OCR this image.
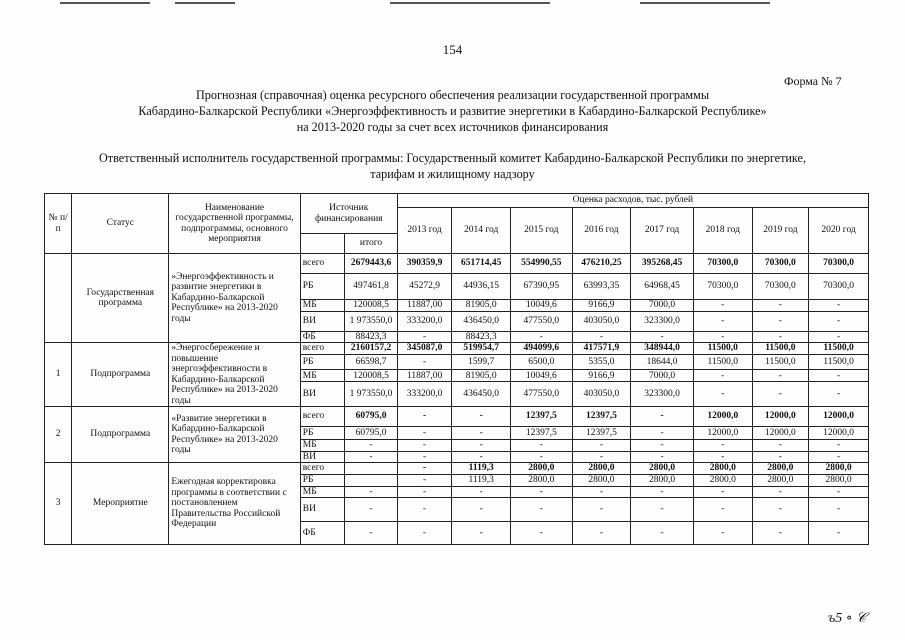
154
Форма № 7
Прогнозная (справочная) оценка ресурсного обеспечения реализации государственной программы
Кабардино-Балкарской Республики «Энергоэффективность и развитие энергетики в Кабардино-Балкарской Республике»
на 2013-2020 годы за счет всех источников финансирования
Ответственный исполнитель государственной программы: Государственный комитет Кабардино-Балкарской Республики по энергетике,
тарифам и жилищному надзору
№ п/п	Статус	Наименование государственной программы, подпрограммы, основного мероприятия	Источник финансирования		Оценка расходов, тыс. рублей							
					2013 год	2014 год	2015 год	2016 год	2017 год	2018 год	2019 год	2020 год
				итого								
	Государственная программа	»Энергоэффективность и развитие энергетики в Кабардино-Балкарской Республике» на 2013-2020 годы	всего	2679443,6	390359,9	651714,45	554990,55	476210,25	395268,45	70300,0	70300,0	70300,0
			РБ	497461,8	45272,9	44936,15	67390,95	63993,35	64968,45	70300,0	70300,0	70300,0
			МБ	120008,5	11887,00	81905,0	10049,6	9166,9	7000,0	-	-	-
			ВИ	1 973550,0	333200,0	436450,0	477550,0	403050,0	323300,0	-	-	-
			ФБ	88423,3	-	88423,3	-	-	-	-	-	-
1	Подпрограмма	»Энергосбережение и повышение энергоэффективности в Кабардино-Балкарской Республике» на 2013-2020 годы	всего	2160157,2	345087,0	519954,7	494099,6	417571,9	348944,0	11500,0	11500,0	11500,0
			РБ	66598,7	-	1599,7	6500,0	5355,0	18644,0	11500,0	11500,0	11500,0
			МБ	120008,5	11887,00	81905,0	10049,6	9166,9	7000,0	-	-	-
			ВИ	1 973550,0	333200,0	436450,0	477550,0	403050,0	323300,0	-	-	-
2	Подпрограмма	«Развитие энергетики в Кабардино-Балкарской Республике» на 2013-2020 годы	всего	60795,0	-	-	12397,5	12397,5	-	12000,0	12000,0	12000,0
			РБ	60795,0	-	-	12397,5	12397,5	-	12000,0	12000,0	12000,0
			МБ	-	-	-	-	-	-	-	-	-
			ВИ	-	-	-	-	-	-	-	-	-
3	Мероприятие	Ежегодная корректировка программы в соответствии с постановлением Правительства Российской Федерации	всего		-	1119,3	2800,0	2800,0	2800,0	2800,0	2800,0	2800,0
			РБ		-	1119,3	2800,0	2800,0	2800,0	2800,0	2800,0	2800,0
			МБ	-	-	-	-	-	-	-	-	-
			ВИ	-	-	-	-	-	-	-	-	-
			ФБ	-	-	-	-	-	-	-	-	-
ъ5 ∘ 𝒞
